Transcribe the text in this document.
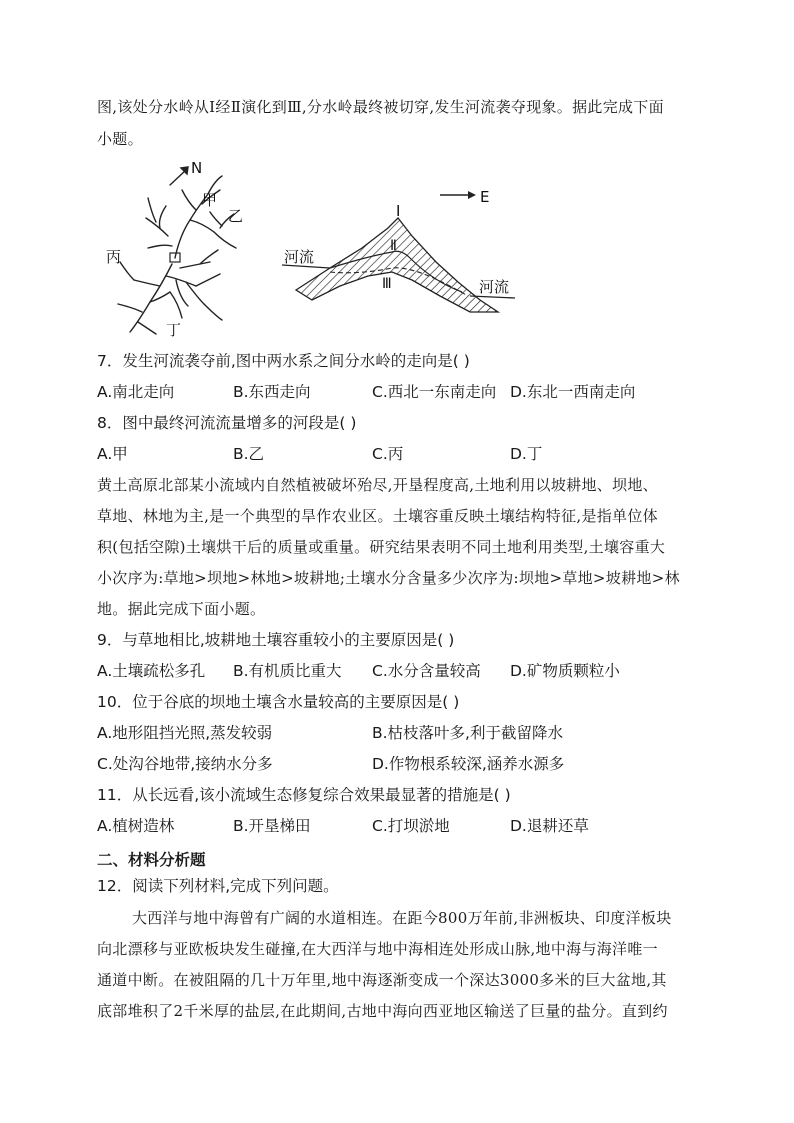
图,该处分水岭从Ⅰ经Ⅱ演化到Ⅲ,分水岭最终被切穿,发生河流袭夺现象。据此完成下面
小题。
N
甲
乙
丙
丁
E
Ⅰ
Ⅱ
Ⅲ
河流
河流
7．发生河流袭夺前,图中两水系之间分水岭的走向是( )
A.南北走向	B.东西走向	C.西北一东南走向 D.东北一西南走向
8．图中最终河流流量增多的河段是( )
A.甲	B.乙	C.丙	D.丁
黄土高原北部某小流域内自然植被破坏殆尽,开垦程度高,土地利用以坡耕地、坝地、
草地、林地为主,是一个典型的旱作农业区。土壤容重反映土壤结构特征,是指单位体
积(包括空隙)土壤烘干后的质量或重量。研究结果表明不同土地利用类型,土壤容重大
小次序为:草地>坝地>林地>坡耕地;土壤水分含量多少次序为:坝地>草地>坡耕地>林
地。据此完成下面小题。
9．与草地相比,坡耕地土壤容重较小的主要原因是( )
A.土壤疏松多孔 B.有机质比重大 C.水分含量较高 D.矿物质颗粒小
10．位于谷底的坝地土壤含水量较高的主要原因是( )
A.地形阻挡光照,蒸发较弱	B.枯枝落叶多,利于截留降水
C.处沟谷地带,接纳水分多	D.作物根系较深,涵养水源多
11．从长远看,该小流域生态修复综合效果最显著的措施是( )
A.植树造林	B.开垦梯田	C.打坝淤地	D.退耕还草
二、材料分析题
12．阅读下列材料,完成下列问题。
大西洋与地中海曾有广阔的水道相连。在距今800万年前,非洲板块、印度洋板块
向北漂移与亚欧板块发生碰撞,在大西洋与地中海相连处形成山脉,地中海与海洋唯一
通道中断。在被阻隔的几十万年里,地中海逐渐变成一个深达3000多米的巨大盆地,其
底部堆积了2千米厚的盐层,在此期间,古地中海向西亚地区输送了巨量的盐分。直到约
